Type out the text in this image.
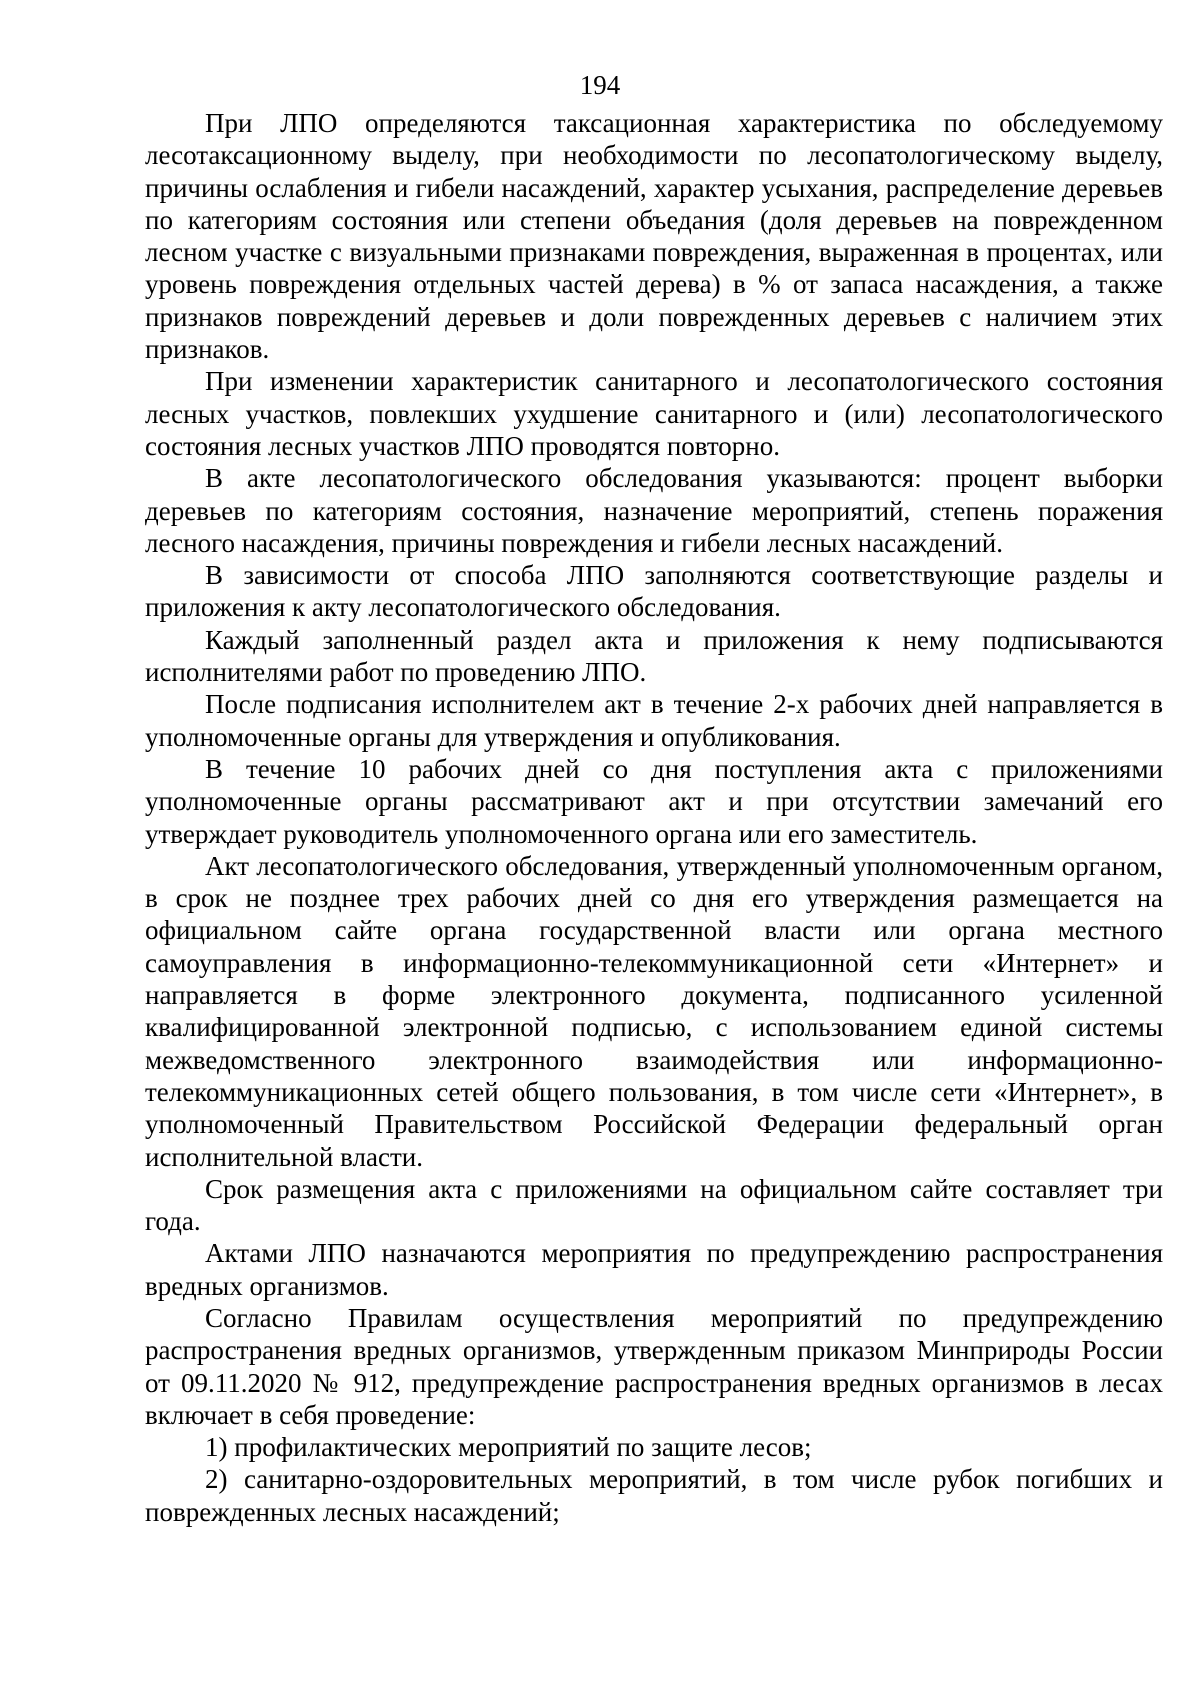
194

При ЛПО определяются таксационная характеристика по обследуемому лесотаксационному выделу, при необходимости по лесопатологическому выделу, причины ослабления и гибели насаждений, характер усыхания, распределение деревьев по категориям состояния или степени объедания (доля деревьев на поврежденном лесном участке с визуальными признаками повреждения, выраженная в процентах, или уровень повреждения отдельных частей дерева) в % от запаса насаждения, а также признаков повреждений деревьев и доли поврежденных деревьев с наличием этих признаков.

При изменении характеристик санитарного и лесопатологического состояния лесных участков, повлекших ухудшение санитарного и (или) лесопатологического состояния лесных участков ЛПО проводятся повторно.

В акте лесопатологического обследования указываются: процент выборки деревьев по категориям состояния, назначение мероприятий, степень поражения лесного насаждения, причины повреждения и гибели лесных насаждений.

В зависимости от способа ЛПО заполняются соответствующие разделы и приложения к акту лесопатологического обследования.

Каждый заполненный раздел акта и приложения к нему подписываются исполнителями работ по проведению ЛПО.

После подписания исполнителем акт в течение 2-х рабочих дней направляется в уполномоченные органы для утверждения и опубликования.

В течение 10 рабочих дней со дня поступления акта с приложениями уполномоченные органы рассматривают акт и при отсутствии замечаний его утверждает руководитель уполномоченного органа или его заместитель.

Акт лесопатологического обследования, утвержденный уполномоченным органом, в срок не позднее трех рабочих дней со дня его утверждения размещается на официальном сайте органа государственной власти или органа местного самоуправления в информационно-телекоммуникационной сети «Интернет» и направляется в форме электронного документа, подписанного усиленной квалифицированной электронной подписью, с использованием единой системы межведомственного электронного взаимодействия или информационно-телекоммуникационных сетей общего пользования, в том числе сети «Интернет», в уполномоченный Правительством Российской Федерации федеральный орган исполнительной власти.

Срок размещения акта с приложениями на официальном сайте составляет три года.

Актами ЛПО назначаются мероприятия по предупреждению распространения вредных организмов.

Согласно Правилам осуществления мероприятий по предупреждению распространения вредных организмов, утвержденным приказом Минприроды России от 09.11.2020 № 912, предупреждение распространения вредных организмов в лесах включает в себя проведение:

1) профилактических мероприятий по защите лесов;

2) санитарно-оздоровительных мероприятий, в том числе рубок погибших и поврежденных лесных насаждений;
